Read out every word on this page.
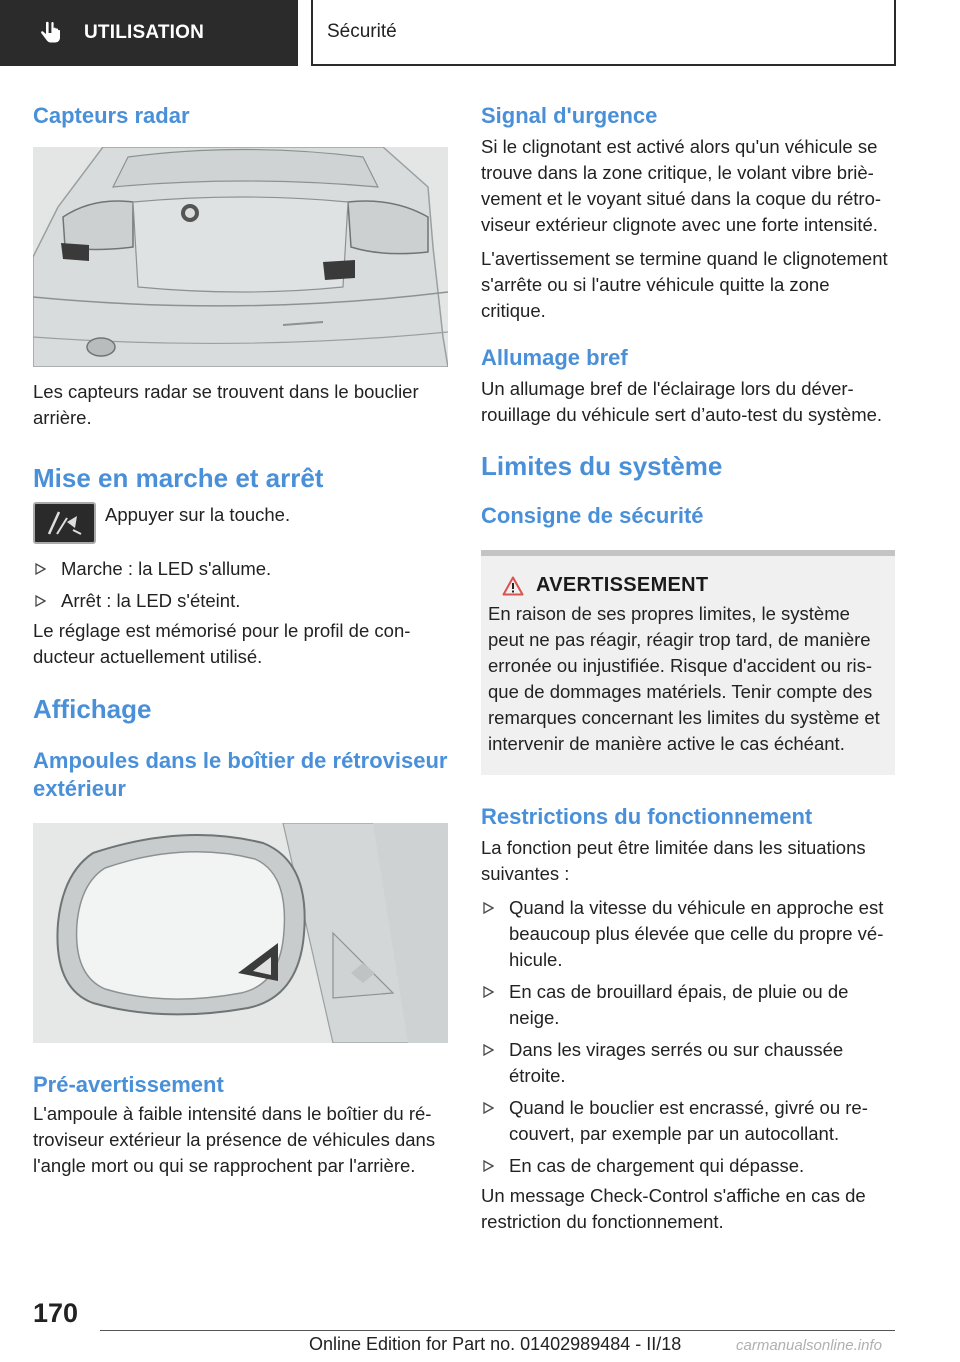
UTILISATION	Sécurité
Capteurs radar

Les capteurs radar se trouvent dans le bouclier arrière.

Mise en marche et arrêt

Appuyer sur la touche.

Marche : la LED s'allume.
Arrêt : la LED s'éteint.

Le réglage est mémorisé pour le profil de conducteur actuellement utilisé.

Affichage
Ampoules dans le boîtier de rétroviseur extérieur
Pré-avertissement

L'ampoule à faible intensité dans le boîtier du rétroviseur extérieur la présence de véhicules dans l'angle mort ou qui se rapprochent par l'arrière.

Signal d'urgence

Si le clignotant est activé alors qu'un véhicule se trouve dans la zone critique, le volant vibre brièvement et le voyant situé dans la coque du rétroviseur extérieur clignote avec une forte intensité.

L'avertissement se termine quand le clignotement s'arrête ou si l'autre véhicule quitte la zone critique.

Allumage bref

Un allumage bref de l'éclairage lors du déverrouillage du véhicule sert d’auto-test du système.

Limites du système
Consigne de sécurité
AVERTISSEMENT

En raison de ses propres limites, le système peut ne pas réagir, réagir trop tard, de manière erronée ou injustifiée. Risque d'accident ou risque de dommages matériels. Tenir compte des remarques concernant les limites du système et intervenir de manière active le cas échéant.

Restrictions du fonctionnement

La fonction peut être limitée dans les situations suivantes :

Quand la vitesse du véhicule en approche est beaucoup plus élevée que celle du propre véhicule.
En cas de brouillard épais, de pluie ou de neige.
Dans les virages serrés ou sur chaussée étroite.
Quand le bouclier est encrassé, givré ou recouvert, par exemple par un autocollant.
En cas de chargement qui dépasse.

Un message Check-Control s'affiche en cas de restriction du fonctionnement.

170
Online Edition for Part no. 01402989484 - II/18	carmanualsonline.info
